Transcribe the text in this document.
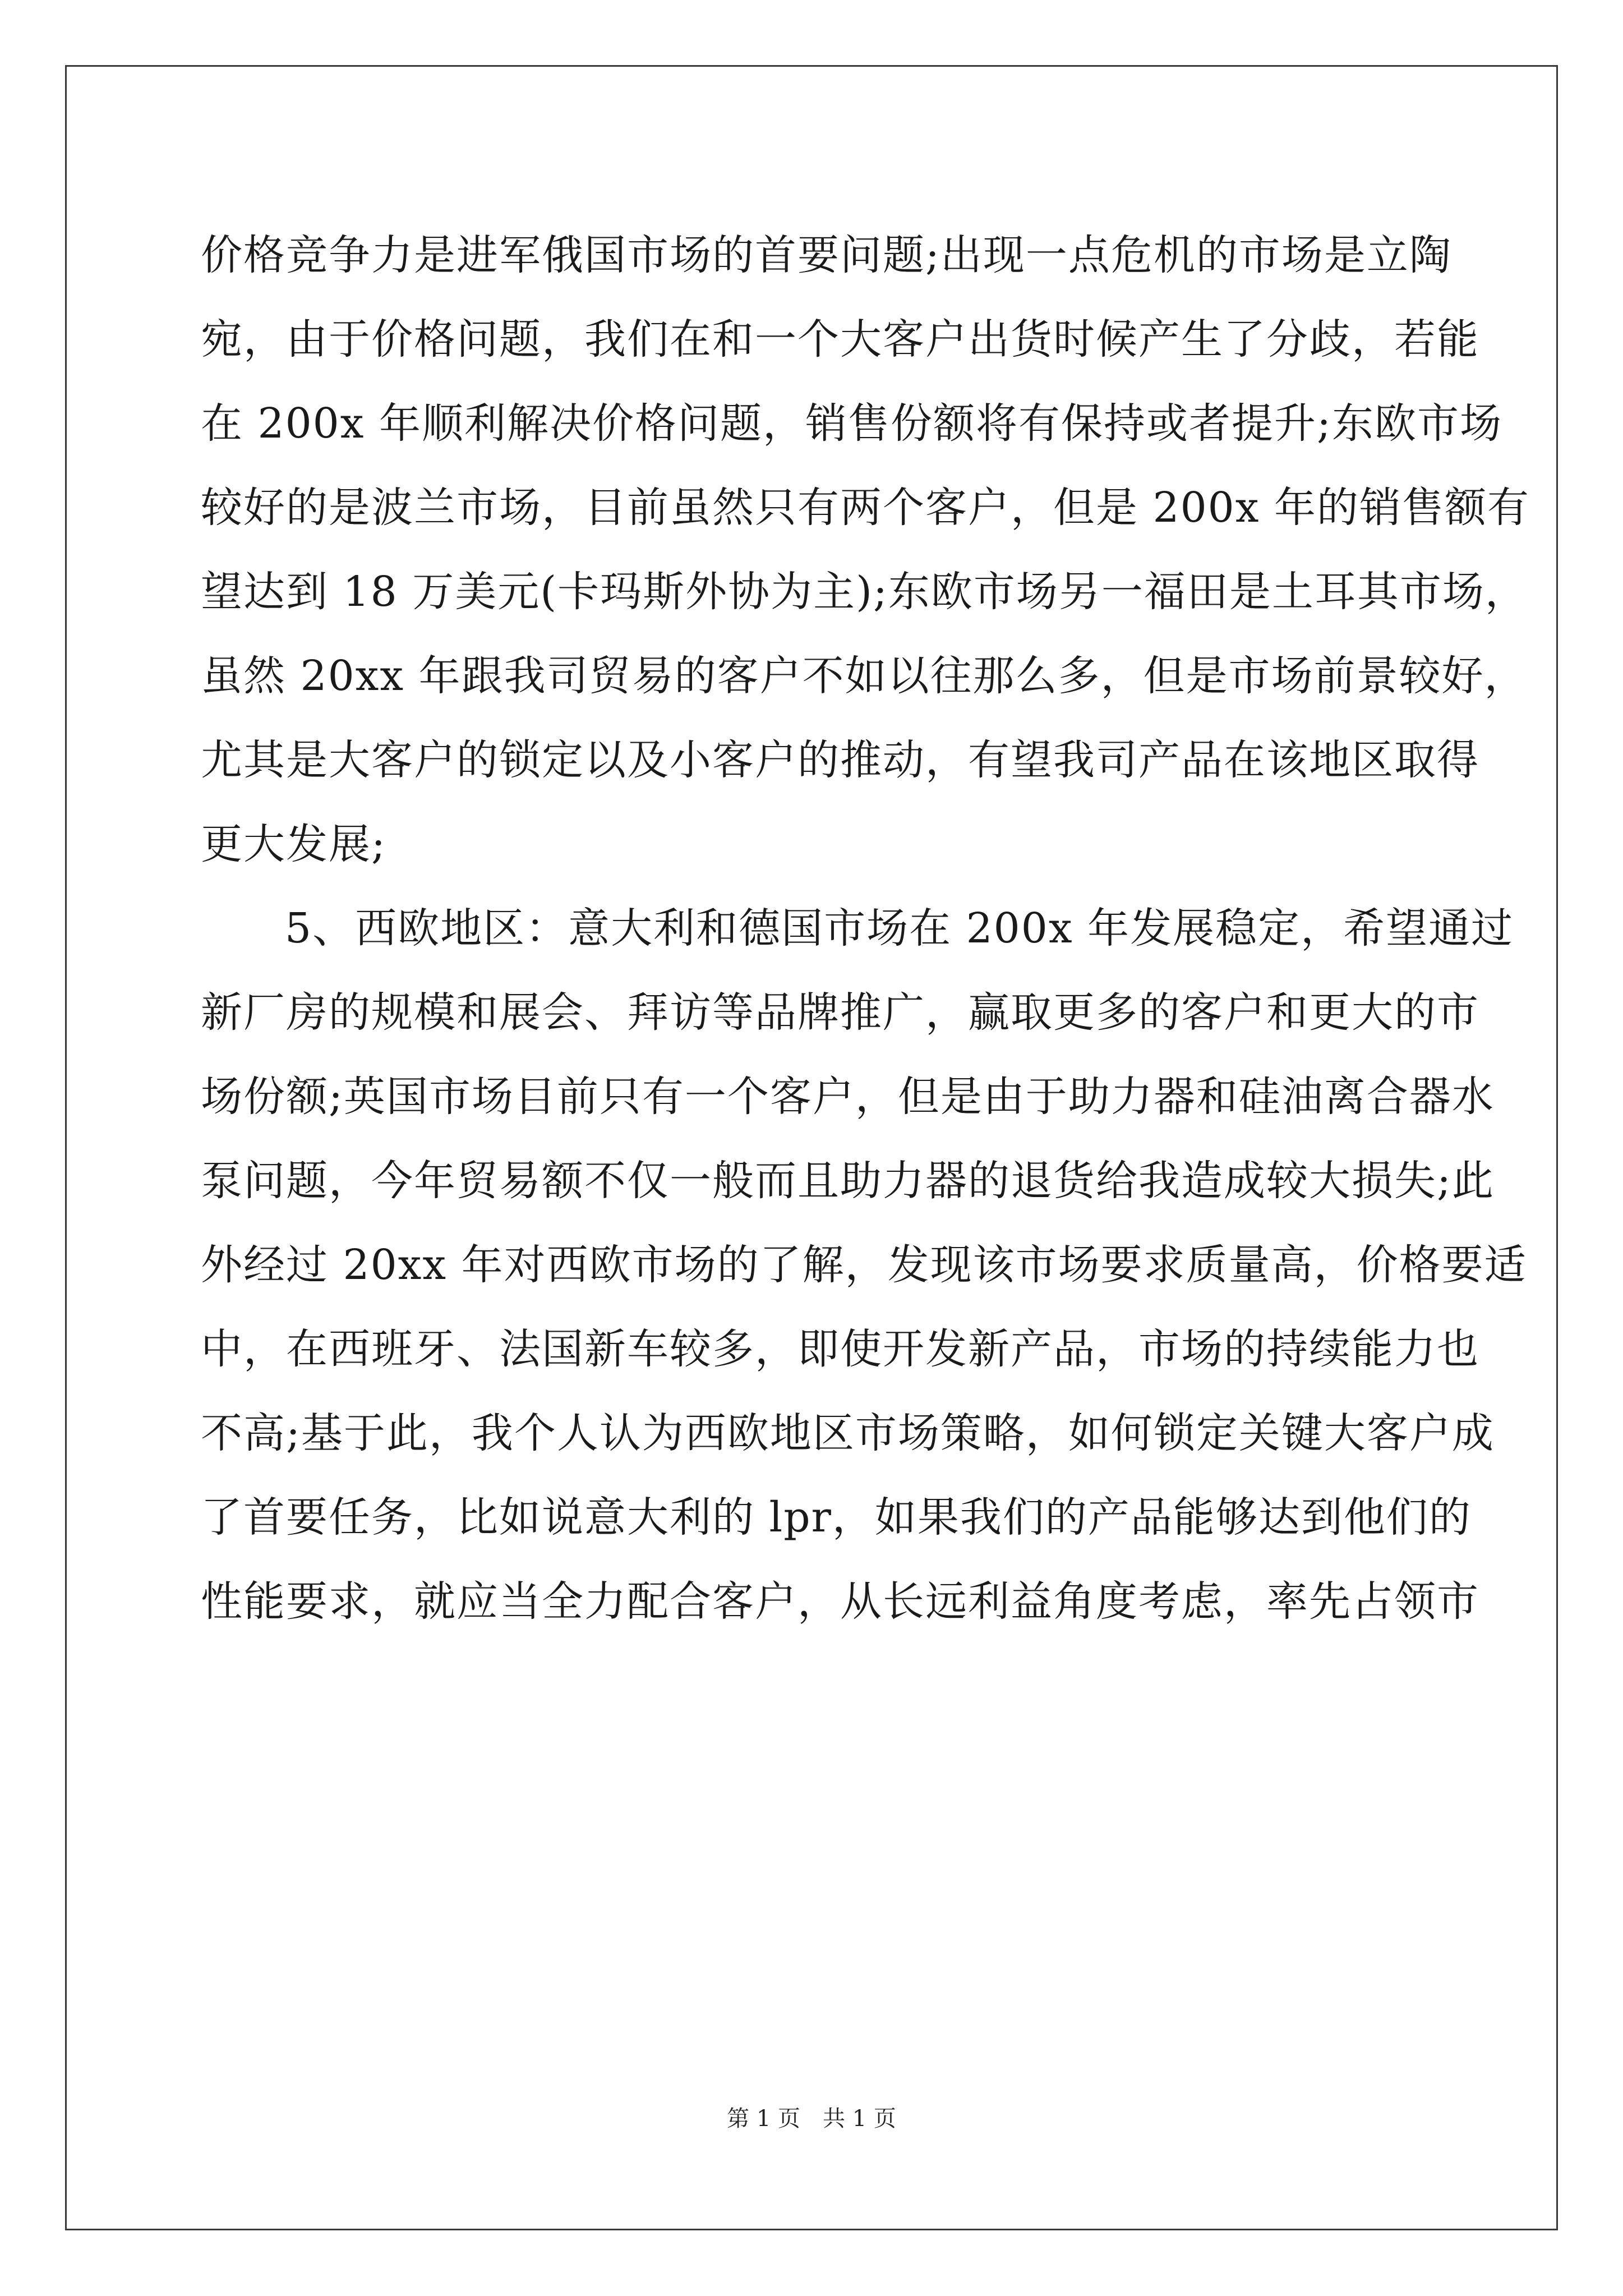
价格竞争力是进军俄国市场的首要问题;出现一点危机的市场是立陶
宛，由于价格问题，我们在和一个大客户出货时候产生了分歧，若能
在 200x 年顺利解决价格问题，销售份额将有保持或者提升;东欧市场
较好的是波兰市场，目前虽然只有两个客户，但是 200x 年的销售额有
望达到 18 万美元(卡玛斯外协为主);东欧市场另一福田是土耳其市场，
虽然 20xx 年跟我司贸易的客户不如以往那么多，但是市场前景较好，
尤其是大客户的锁定以及小客户的推动，有望我司产品在该地区取得
更大发展;
5、西欧地区：意大利和德国市场在 200x 年发展稳定，希望通过
新厂房的规模和展会、拜访等品牌推广，赢取更多的客户和更大的市
场份额;英国市场目前只有一个客户，但是由于助力器和硅油离合器水
泵问题，今年贸易额不仅一般而且助力器的退货给我造成较大损失;此
外经过 20xx 年对西欧市场的了解，发现该市场要求质量高，价格要适
中，在西班牙、法国新车较多，即使开发新产品，市场的持续能力也
不高;基于此，我个人认为西欧地区市场策略，如何锁定关键大客户成
了首要任务，比如说意大利的 lpr，如果我们的产品能够达到他们的
性能要求，就应当全力配合客户，从长远利益角度考虑，率先占领市
第 1 页　共 1 页
